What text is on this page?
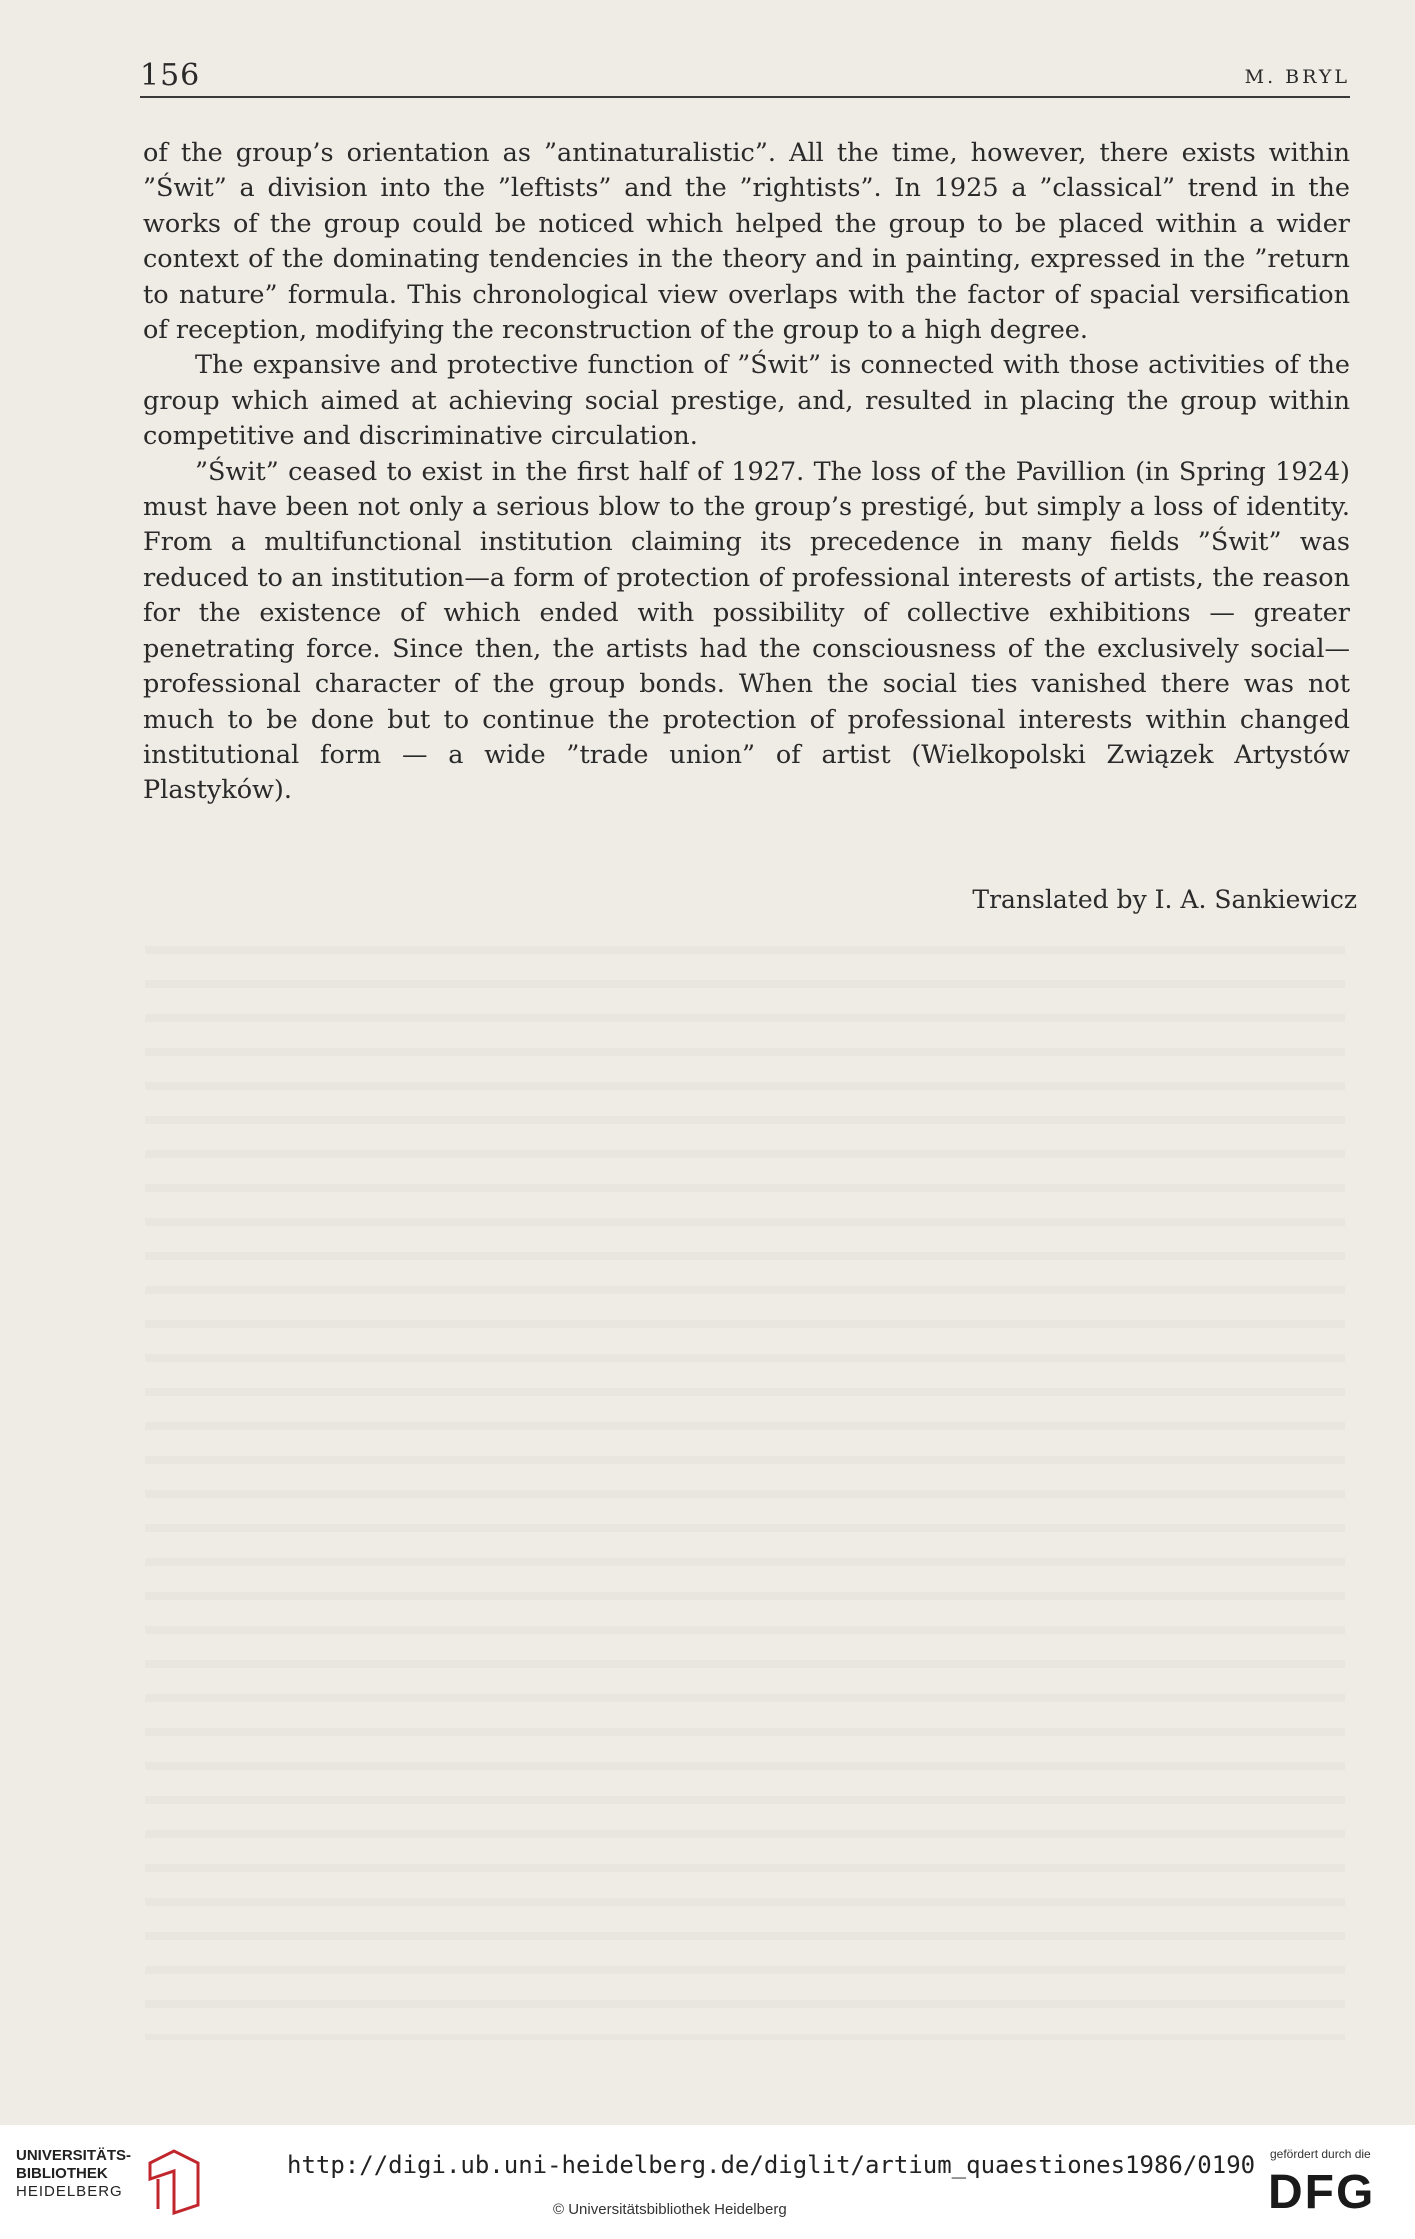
156	M. BRYL

of the group’s orientation as ”antinaturalistic”. All the time, however, there exists within ”Świt” a division into the ”leftists” and the ”rightists”. In 1925 a ”classical” trend in the works of the group could be noticed which helped the group to be placed within a wider context of the dominating tendencies in the theory and in painting, expressed in the ”return to nature” formula. This chronological view overlaps with the factor of spacial versification of reception, modifying the reconstruction of the group to a high degree.

The expansive and protective function of ”Świt” is connected with those activities of the group which aimed at achieving social prestige, and, resulted in placing the group within competitive and discriminative circulation.

”Świt” ceased to exist in the first half of 1927. The loss of the Pavillion (in Spring 1924) must have been not only a serious blow to the group’s prestigé, but simply a loss of identity. From a multifunctional institution claiming its precedence in many fields ”Świt” was reduced to an institution—a form of protection of professional interests of artists, the reason for the existence of which ended with possibility of collective exhibitions — greater penetrating force. Since then, the artists had the consciousness of the exclusively social—professional character of the group bonds. When the social ties vanished there was not much to be done but to continue the protection of professional interests within changed institutional form — a wide ”trade union” of artist (Wielkopolski Związek Artystów Plastyków).

Translated by I. A. Sankiewicz
UNIVERSITÄTS-
BIBLIOTHEK
HEIDELBERG
http://digi.ub.uni-heidelberg.de/diglit/artium_quaestiones1986/0190
© Universitätsbibliothek Heidelberg
gefördert durch die
DFG
